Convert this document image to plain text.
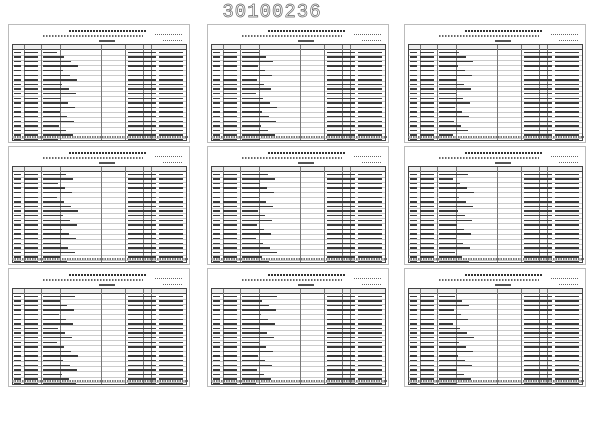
30100236
